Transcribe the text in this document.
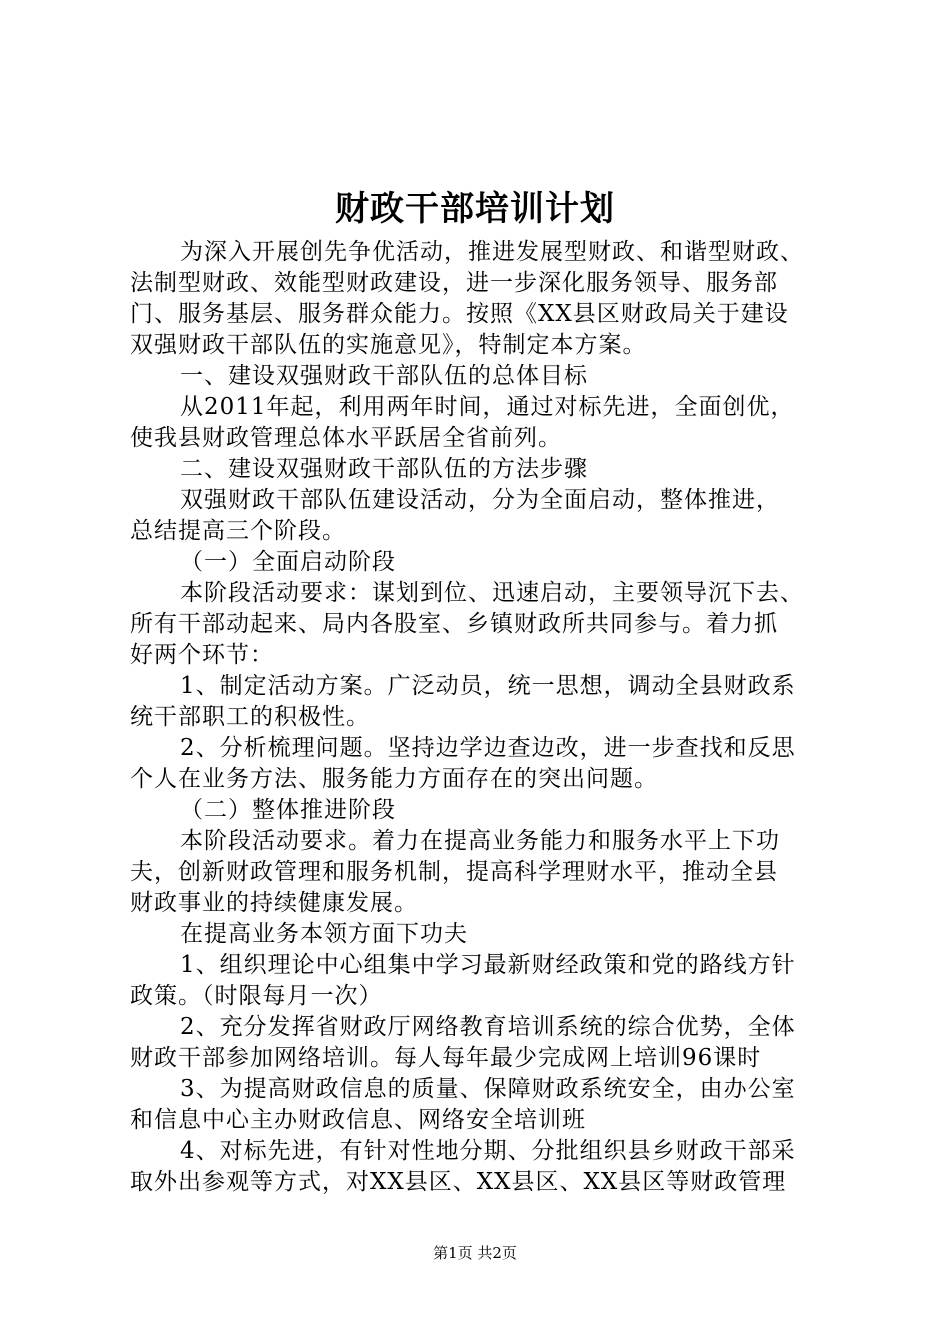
财政干部培训计划
为深入开展创先争优活动，推进发展型财政、和谐型财政、
法制型财政、效能型财政建设，进一步深化服务领导、服务部
门、服务基层、服务群众能力。按照《XX县区财政局关于建设
双强财政干部队伍的实施意见》，特制定本方案。
一、建设双强财政干部队伍的总体目标
从2011年起，利用两年时间，通过对标先进，全面创优，
使我县财政管理总体水平跃居全省前列。
二、建设双强财政干部队伍的方法步骤
双强财政干部队伍建设活动，分为全面启动，整体推进，
总结提高三个阶段。
（一）全面启动阶段
本阶段活动要求：谋划到位、迅速启动，主要领导沉下去、
所有干部动起来、局内各股室、乡镇财政所共同参与。着力抓
好两个环节：
1、制定活动方案。广泛动员，统一思想，调动全县财政系
统干部职工的积极性。
2、分析梳理问题。坚持边学边查边改，进一步查找和反思
个人在业务方法、服务能力方面存在的突出问题。
（二）整体推进阶段
本阶段活动要求。着力在提高业务能力和服务水平上下功
夫，创新财政管理和服务机制，提高科学理财水平，推动全县
财政事业的持续健康发展。
在提高业务本领方面下功夫
1、组织理论中心组集中学习最新财经政策和党的路线方针
政策。（时限每月一次）
2、充分发挥省财政厅网络教育培训系统的综合优势，全体
财政干部参加网络培训。每人每年最少完成网上培训96课时
3、为提高财政信息的质量、保障财政系统安全，由办公室
和信息中心主办财政信息、网络安全培训班
4、对标先进，有针对性地分期、分批组织县乡财政干部采
取外出参观等方式，对XX县区、XX县区、XX县区等财政管理
第1页 共2页
